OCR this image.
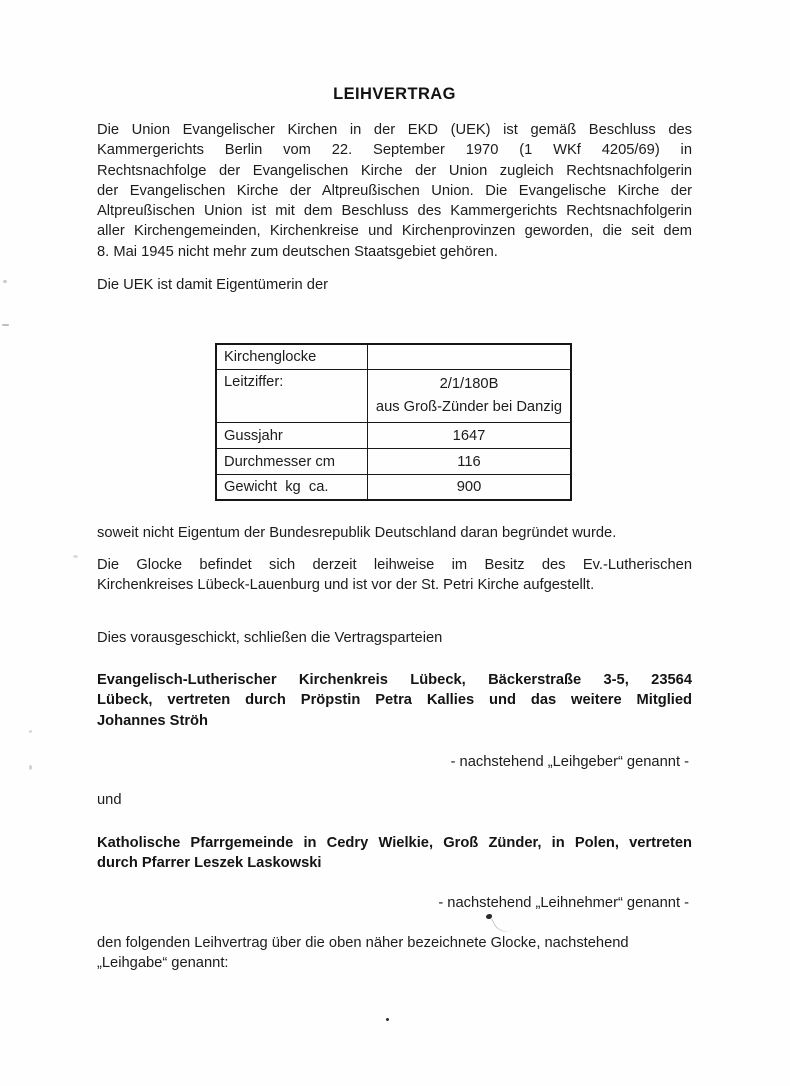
LEIHVERTRAG
Die Union Evangelischer Kirchen in der EKD (UEK) ist gemäß Beschluss des
Kammergerichts Berlin vom 22. September 1970 (1 WKf 4205/69) in
Rechtsnachfolge der Evangelischen Kirche der Union zugleich Rechtsnachfolgerin
der Evangelischen Kirche der Altpreußischen Union. Die Evangelische Kirche der
Altpreußischen Union ist mit dem Beschluss des Kammergerichts Rechtsnachfolgerin
aller Kirchengemeinden, Kirchenkreise und Kirchenprovinzen geworden, die seit dem
8. Mai 1945 nicht mehr zum deutschen Staatsgebiet gehören.
Die UEK ist damit Eigentümerin der
Kirchenglocke	
Leitziffer:	2/1/180B
aus Groß-Zünder bei Danzig

Gussjahr	1647
Durchmesser cm	116
Gewicht  kg  ca.	900
soweit nicht Eigentum der Bundesrepublik Deutschland daran begründet wurde.
Die Glocke befindet sich derzeit leihweise im Besitz des Ev.-Lutherischen
Kirchenkreises Lübeck-Lauenburg und ist vor der St. Petri Kirche aufgestellt.
Dies vorausgeschickt, schließen die Vertragsparteien
Evangelisch-Lutherischer Kirchenkreis Lübeck, Bäckerstraße 3-5, 23564
Lübeck, vertreten durch Pröpstin Petra Kallies und das weitere Mitglied
Johannes Ströh
- nachstehend „Leihgeber“ genannt -
und
Katholische Pfarrgemeinde in Cedry Wielkie, Groß Zünder, in Polen, vertreten
durch Pfarrer Leszek Laskowski
- nachstehend „Leihnehmer“ genannt -
den folgenden Leihvertrag über die oben näher bezeichnete Glocke, nachstehend
„Leihgabe“ genannt:
